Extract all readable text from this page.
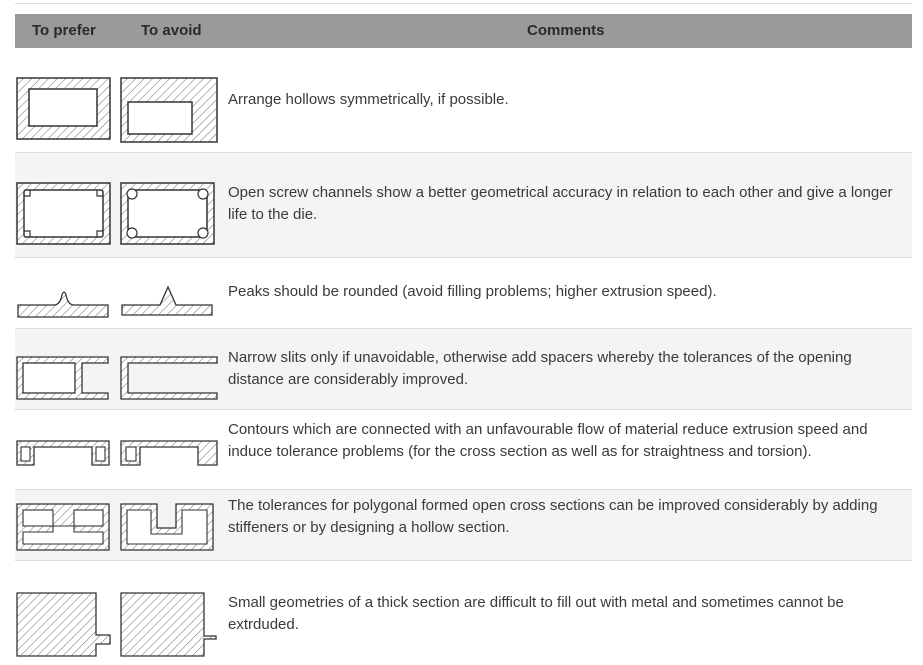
To prefer	To avoid	Comments
Arrange hollows symmetrically, if possible.
Open screw channels show a better geometrical accuracy in relation to each other and give a longer life to the die.
Peaks should be rounded (avoid filling problems; higher extrusion speed).
Narrow slits only if unavoidable, otherwise add spacers whereby the tolerances of the opening distance are considerably improved.
Contours which are connected with an unfavourable flow of material reduce extrusion speed and induce tolerance problems (for the cross section as well as for straightness and torsion).
The tolerances for polygonal formed open cross sections can be improved considerably by adding stiffeners or by designing a hollow section.
Small geometries of a thick section are difficult to fill out with metal and sometimes cannot be extrduded.
